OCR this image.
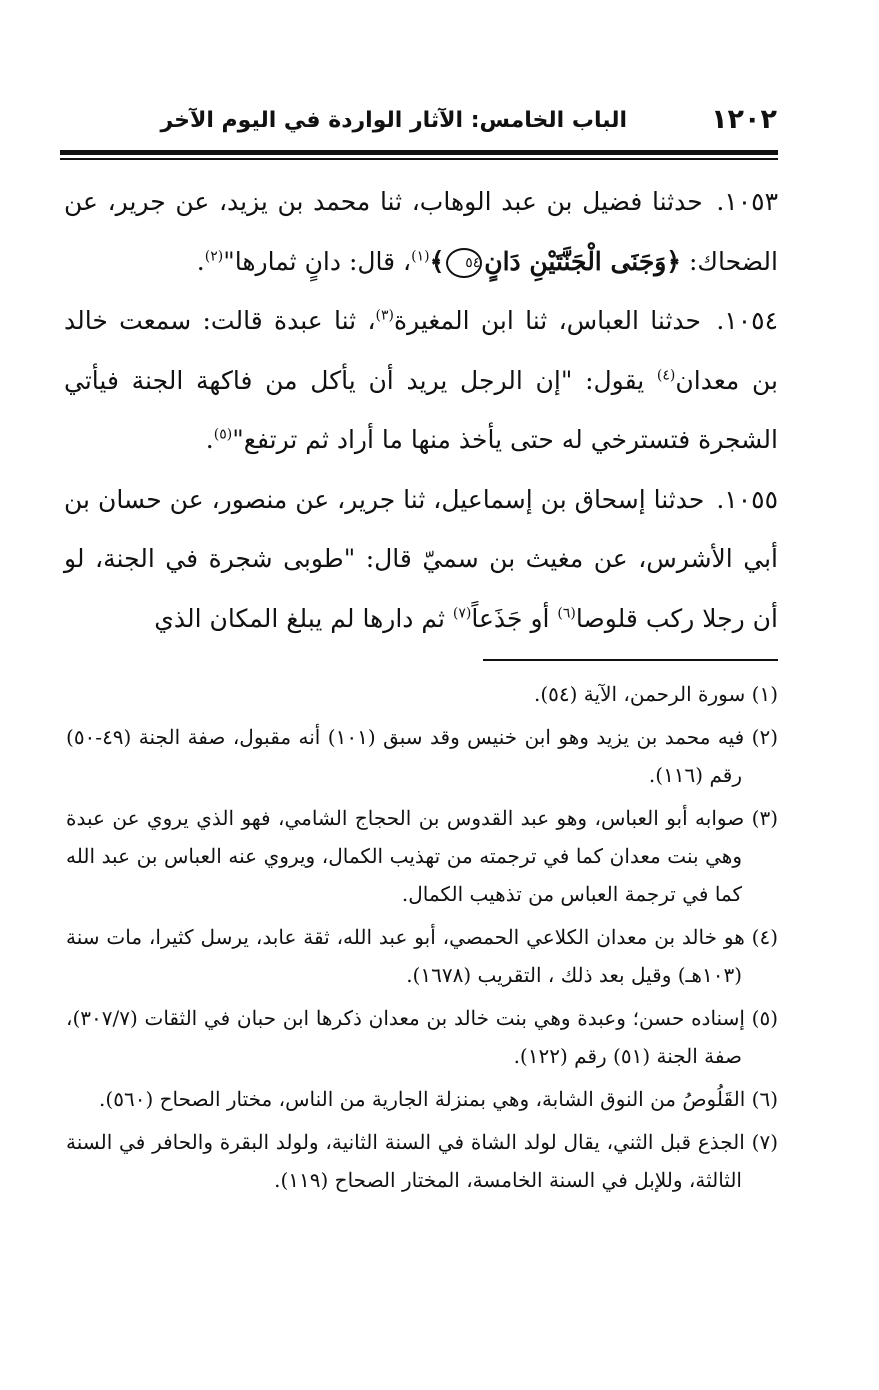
١٢٠٢
الباب الخامس: الآثار الواردة في اليوم الآخر

١٠٥٣. حدثنا فضيل بن عبد الوهاب، ثنا محمد بن يزيد، عن جرير، عن الضحاك: ﴿وَجَنَى الْجَنَّتَيْنِ دَانٍ٥٤﴾$^{(١)}$، قال: دانٍ ثمارها"$^{(٢)}$.

١٠٥٤. حدثنا العباس، ثنا ابن المغيرة$^{(٣)}$، ثنا عبدة قالت: سمعت خالد بن معدان$^{(٤)}$ يقول: "إن الرجل يريد أن يأكل من فاكهة الجنة فيأتي الشجرة فتسترخي له حتى يأخذ منها ما أراد ثم ترتفع"$^{(٥)}$.

١٠٥٥. حدثنا إسحاق بن إسماعيل، ثنا جرير، عن منصور، عن حسان بن أبي الأشرس، عن مغيث بن سميّ قال: "طوبى شجرة في الجنة، لو أن رجلا ركب قلوصا$^{(٦)}$ أو جَذَعاً$^{(٧)}$ ثم دارها لم يبلغ المكان الذي

(١) سورة الرحمن، الآية (٥٤).

(٢) فيه محمد بن يزيد وهو ابن خنيس وقد سبق (١٠١) أنه مقبول، صفة الجنة (٤٩-٥٠) رقم (١١٦).

(٣) صوابه أبو العباس، وهو عبد القدوس بن الحجاج الشامي، فهو الذي يروي عن عبدة وهي بنت معدان كما في ترجمته من تهذيب الكمال، ويروي عنه العباس بن عبد الله كما في ترجمة العباس من تذهيب الكمال.

(٤) هو خالد بن معدان الكلاعي الحمصي، أبو عبد الله، ثقة عابد، يرسل كثيرا، مات سنة (١٠٣هـ) وقيل بعد ذلك ، التقريب (١٦٧٨).

(٥) إسناده حسن؛ وعبدة وهي بنت خالد بن معدان ذكرها ابن حبان في الثقات (٣٠٧/٧)، صفة الجنة (٥١) رقم (١٢٢).

(٦) القَلُوصُ من النوق الشابة، وهي بمنزلة الجارية من الناس، مختار الصحاح (٥٦٠).

(٧) الجذع قبل الثني، يقال لولد الشاة في السنة الثانية، ولولد البقرة والحافر في السنة الثالثة، وللإبل في السنة الخامسة، المختار الصحاح (١١٩).
